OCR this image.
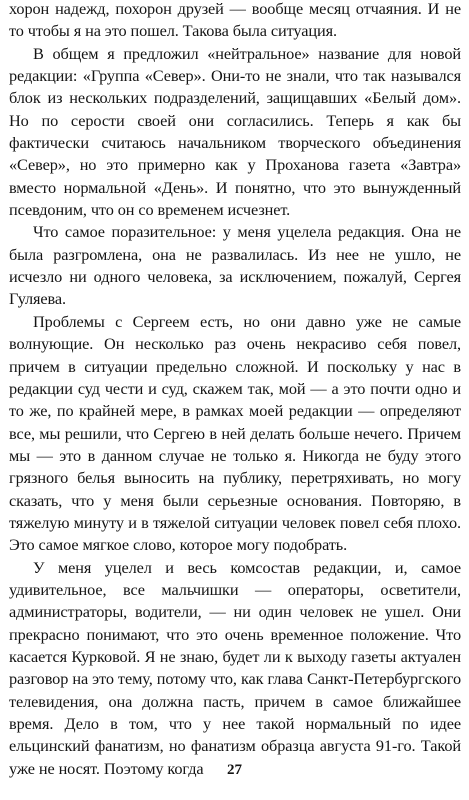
хорон надежд, похорон друзей — вообще месяц отчаяния. И не то чтобы я на это пошел. Такова была ситуация.

В общем я предложил «нейтральное» название для новой редакции: «Группа «Север». Они-то не знали, что так назывался блок из нескольких подразделений, защищавших «Белый дом». Но по серости своей они согласились. Теперь я как бы фактически считаюсь начальником творческого объединения «Север», но это примерно как у Проханова газета «Завтра» вместо нормальной «День». И понятно, что это вынужденный псевдоним, что он со временем исчезнет.

Что самое поразительное: у меня уцелела редакция. Она не была разгромлена, она не развалилась. Из нее не ушло, не исчезло ни одного человека, за исключением, пожалуй, Сергея Гуляева.

Проблемы с Сергеем есть, но они давно уже не самые волнующие. Он несколько раз очень некрасиво себя повел, причем в ситуации предельно сложной. И поскольку у нас в редакции суд чести и суд, скажем так, мой — а это почти одно и то же, по крайней мере, в рамках моей редакции — определяют все, мы решили, что Сергею в ней делать больше нечего. Причем мы — это в данном случае не только я. Никогда не буду этого грязного белья выносить на публику, перетряхивать, но могу сказать, что у меня были серьезные основания. Повторяю, в тяжелую минуту и в тяжелой ситуации человек повел себя плохо. Это самое мягкое слово, которое могу подобрать.

У меня уцелел и весь комсостав редакции, и, самое удивительное, все мальчишки — операторы, осветители, администраторы, водители, — ни один человек не ушел. Они прекрасно понимают, что это очень временное положение. Что касается Курковой. Я не знаю, будет ли к выходу газеты актуален разговор на это тему, потому что, как глава Санкт-Петербургского телевидения, она должна пасть, причем в самое ближайшее время. Дело в том, что у нее такой нормальный по идее ельцинский фанатизм, но фанатизм образца августа 91-го. Такой уже не носят. Поэтому когда	27
